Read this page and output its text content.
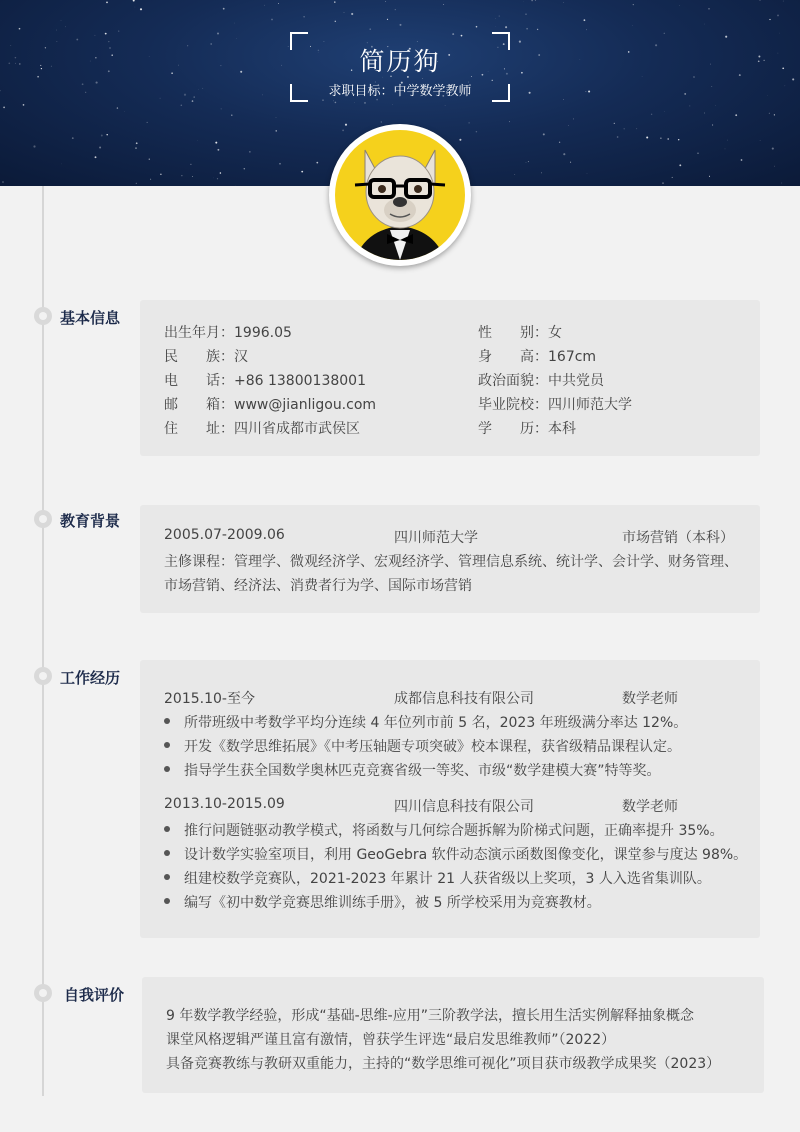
简历狗
求职目标：中学数学教师
基本信息
出生年月：1996.05
民　　族：汉
电　　话：+86 13800138001
邮　　箱：www@jianligou.com
住　　址：四川省成都市武侯区
性　　别：女
身　　高：167cm
政治面貌：中共党员
毕业院校：四川师范大学
学　　历：本科
教育背景
2005.07-2009.06	四川师范大学	市场营销（本科）
主修课程：管理学、微观经济学、宏观经济学、管理信息系统、统计学、会计学、财务管理、
市场营销、经济法、消费者行为学、国际市场营销
工作经历
2015.10-至今	成都信息科技有限公司	数学老师
所带班级中考数学平均分连续 4 年位列市前 5 名，2023 年班级满分率达 12%。
开发《数学思维拓展》《中考压轴题专项突破》校本课程，获省级精品课程认定。
指导学生获全国数学奥林匹克竞赛省级一等奖、市级“数学建模大赛”特等奖。
2013.10-2015.09	四川信息科技有限公司	数学老师
推行问题链驱动教学模式，将函数与几何综合题拆解为阶梯式问题，正确率提升 35%。
设计数学实验室项目，利用 GeoGebra 软件动态演示函数图像变化，课堂参与度达 98%。
组建校数学竞赛队，2021-2023 年累计 21 人获省级以上奖项，3 人入选省集训队。
编写《初中数学竞赛思维训练手册》，被 5 所学校采用为竞赛教材。
自我评价
9 年数学教学经验，形成“基础-思维-应用”三阶教学法，擅长用生活实例解释抽象概念
课堂风格逻辑严谨且富有激情，曾获学生评选“最启发思维教师”（2022）
具备竞赛教练与教研双重能力，主持的“数学思维可视化”项目获市级教学成果奖（2023）
